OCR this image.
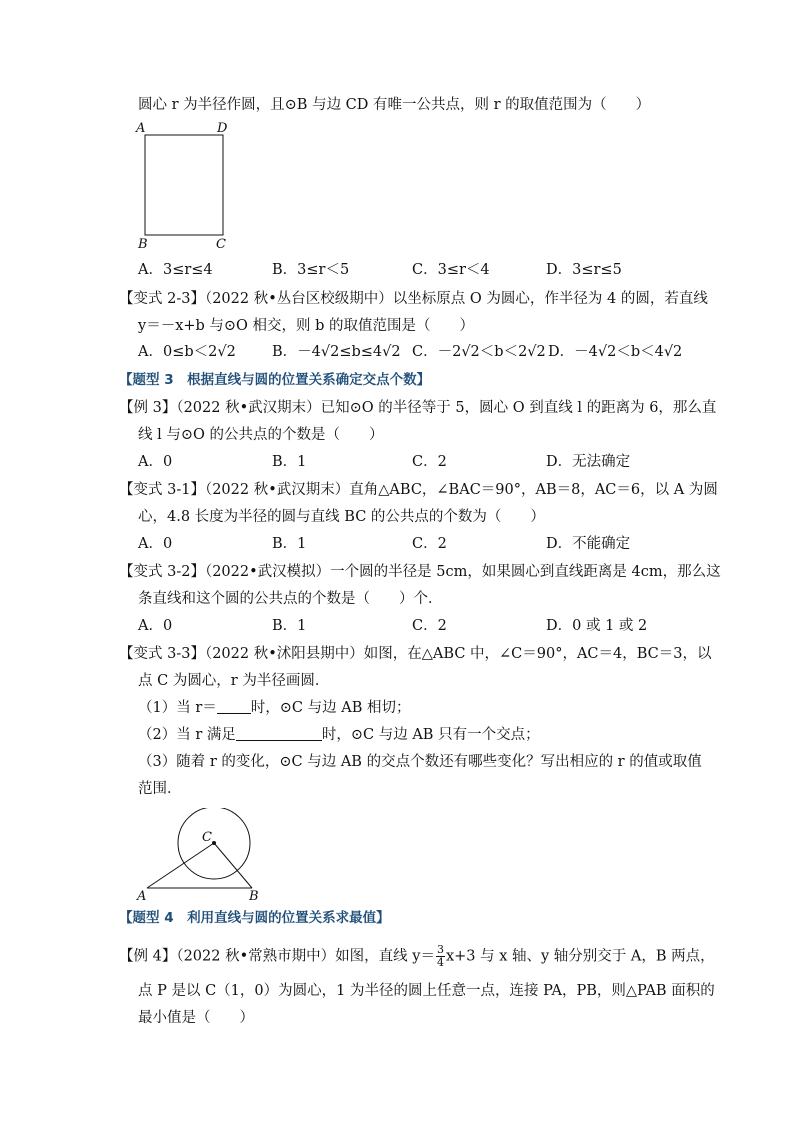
圆心 r 为半径作圆，且⊙B 与边 CD 有唯一公共点，则 r 的取值范围为（　　）
A	D
B	C
A．3≤r≤4	B．3≤r＜5	C．3≤r＜4	D．3≤r≤5
【变式 2-3】（2022 秋•丛台区校级期中）以坐标原点 O 为圆心，作半径为 4 的圆，若直线
y＝－x+b 与⊙O 相交，则 b 的取值范围是（　　）
A．0≤b＜2√2 B．－4√2≤b≤4√2 C．－2√2＜b＜2√2 D．－4√2＜b＜4√2
【题型 3　根据直线与圆的位置关系确定交点个数】
【例 3】（2022 秋•武汉期末）已知⊙O 的半径等于 5，圆心 O 到直线 l 的距离为 6，那么直
线 l 与⊙O 的公共点的个数是（　　）
A．0	B．1	C．2	D．无法确定
【变式 3-1】（2022 秋•武汉期末）直角△ABC，∠BAC＝90°，AB＝8，AC＝6，以 A 为圆
心，4.8 长度为半径的圆与直线 BC 的公共点的个数为（　　）
A．0	B．1	C．2	D．不能确定
【变式 3-2】（2022•武汉模拟）一个圆的半径是 5cm，如果圆心到直线距离是 4cm，那么这
条直线和这个圆的公共点的个数是（　　）个．
A．0	B．1	C．2	D．0 或 1 或 2
【变式 3-3】（2022 秋•沭阳县期中）如图，在△ABC 中，∠C＝90°，AC＝4，BC＝3，以
点 C 为圆心，r 为半径画圆．
（1）当 r＝ 时，⊙C 与边 AB 相切；
（2）当 r 满足	时，⊙C 与边 AB 只有一个交点；
（3）随着 r 的变化，⊙C 与边 AB 的交点个数还有哪些变化？写出相应的 r 的值或取值
范围．
C
A	B
【题型 4　利用直线与圆的位置关系求最值】
【例 4】（2022 秋•常熟市期中）如图，直线 $y= \frac{3}{4} x+3$ 与 x 轴、y 轴分别交于 A，B 两点，
点 P 是以 C（1，0）为圆心，1 为半径的圆上任意一点，连接 PA，PB，则△PAB 面积的
最小值是（　　）
